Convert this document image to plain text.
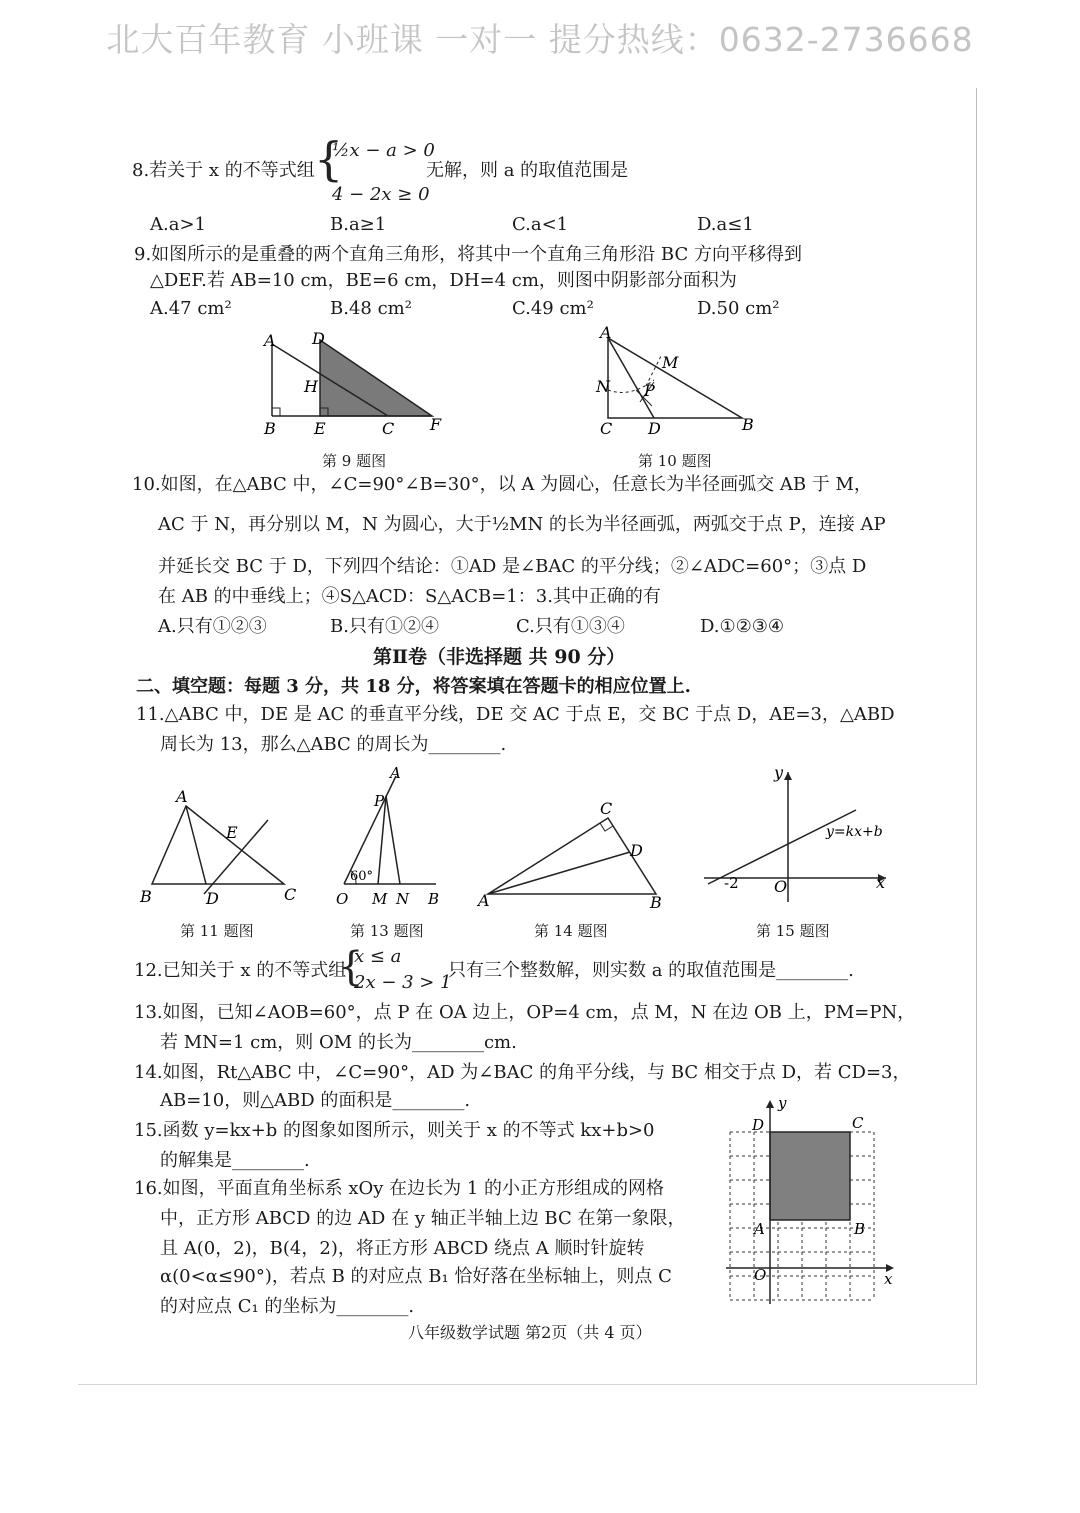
北大百年教育 小班课 一对一 提分热线：0632-2736668
8.若关于 x 的不等式组 {
½x − a > 0
4 − 2x ≥ 0
无解，则 a 的取值范围是
A.a>1	B.a≥1	C.a<1	D.a≤1
9.如图所示的是重叠的两个直角三角形，将其中一个直角三角形沿 BC 方向平移得到
△DEF.若 AB=10 cm，BE=6 cm，DH=4 cm，则图中阴影部分面积为
A.47 cm²	B.48 cm²	C.49 cm²	D.50 cm²
A D
H
B E	C F
第 9 题图
A
M
N P
C D	B
第 10 题图
10.如图，在△ABC 中，∠C=90°∠B=30°，以 A 为圆心，任意长为半径画弧交 AB 于 M，
AC 于 N，再分别以 M，N 为圆心，大于½MN 的长为半径画弧，两弧交于点 P，连接 AP
并延长交 BC 于 D，下列四个结论：①AD 是∠BAC 的平分线；②∠ADC=60°；③点 D
在 AB 的中垂线上；④S△ACD：S△ACB=1：3.其中正确的有
A.只有①②③	B.只有①②④	C.只有①③④	D.①②③④
第Ⅱ卷（非选择题 共 90 分）
二、填空题：每题 3 分，共 18 分，将答案填在答题卡的相应位置上.
11.△ABC 中，DE 是 AC 的垂直平分线，DE 交 AC 于点 E，交 BC 于点 D，AE=3，△ABD
周长为 13，那么△ABC 的周长为________.
A
E
B	D	C
第 11 题图
A
P
60°
O M N B
第 13 题图
C
D
A	B
第 14 题图
y
y=kx+b
-2 O	x
第 15 题图
12.已知关于 x 的不等式组
{
x ≤ a
2x − 3 > 1
只有三个整数解，则实数 a 的取值范围是________.
13.如图，已知∠AOB=60°，点 P 在 OA 边上，OP=4 cm，点 M，N 在边 OB 上，PM=PN，
若 MN=1 cm，则 OM 的长为________cm.
14.如图，Rt△ABC 中，∠C=90°，AD 为∠BAC 的角平分线，与 BC 相交于点 D，若 CD=3，
AB=10，则△ABD 的面积是________.
15.函数 y=kx+b 的图象如图所示，则关于 x 的不等式 kx+b>0
的解集是________.
16.如图，平面直角坐标系 xOy 在边长为 1 的小正方形组成的网格
中，正方形 ABCD 的边 AD 在 y 轴正半轴上边 BC 在第一象限，
且 A(0，2)，B(4，2)，将正方形 ABCD 绕点 A 顺时针旋转
α(0<α≤90°)，若点 B 的对应点 B₁ 恰好落在坐标轴上，则点 C
的对应点 C₁ 的坐标为________.
y
D	C
A	B
O	x
八年级数学试题 第2页（共 4 页）
